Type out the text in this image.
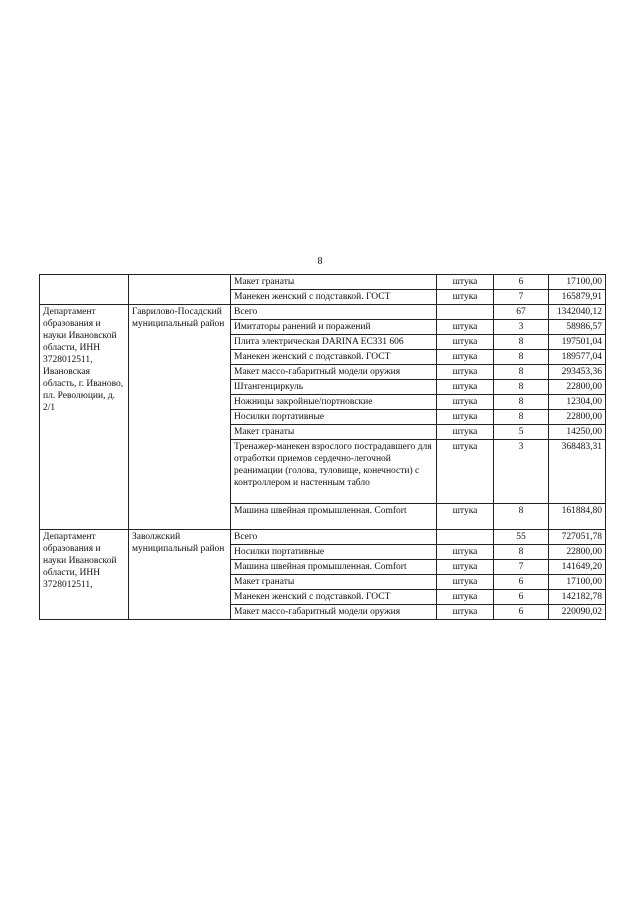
8
		Макет гранаты	штука	6	17100,00
		Манекен женский с подставкой. ГОСТ	штука	7	165879,91
Департамент образования и науки Ивановской области, ИНН 3728012511, Ивановская область, г. Иваново, пл. Революции, д. 2/1	Гаврилово-Посадский муниципальный район	Всего		67	1342040,12
		Имитаторы ранений и поражений	штука	3	58986,57
		Плита электрическая DARINA EC331 606	штука	8	197501,04
		Манекен женский с подставкой. ГОСТ	штука	8	189577,04
		Макет массо-габаритный модели оружия	штука	8	293453,36
		Штангенциркуль	штука	8	22800,00
		Ножницы закройные/портновские	штука	8	12304,00
		Носилки портативные	штука	8	22800,00
		Макет гранаты	штука	5	14250,00
		Тренажер-манекен взрослого пострадавшего для отработки приемов сердечно-легочной реанимации (голова, туловище, конечности) с контроллером и настенным табло	штука	3	368483,31
		Машина швейная промышленная. Comfort	штука	8	161884,80
Департамент образования и науки Ивановской области, ИНН 3728012511,	Заволжский муниципальный район	Всего		55	727051,78
		Носилки портативные	штука	8	22800,00
		Машина швейная промышленная. Comfort	штука	7	141649,20
		Макет гранаты	штука	6	17100,00
		Манекен женский с подставкой. ГОСТ	штука	6	142182,78
		Макет массо-габаритный модели оружия	штука	6	220090,02
